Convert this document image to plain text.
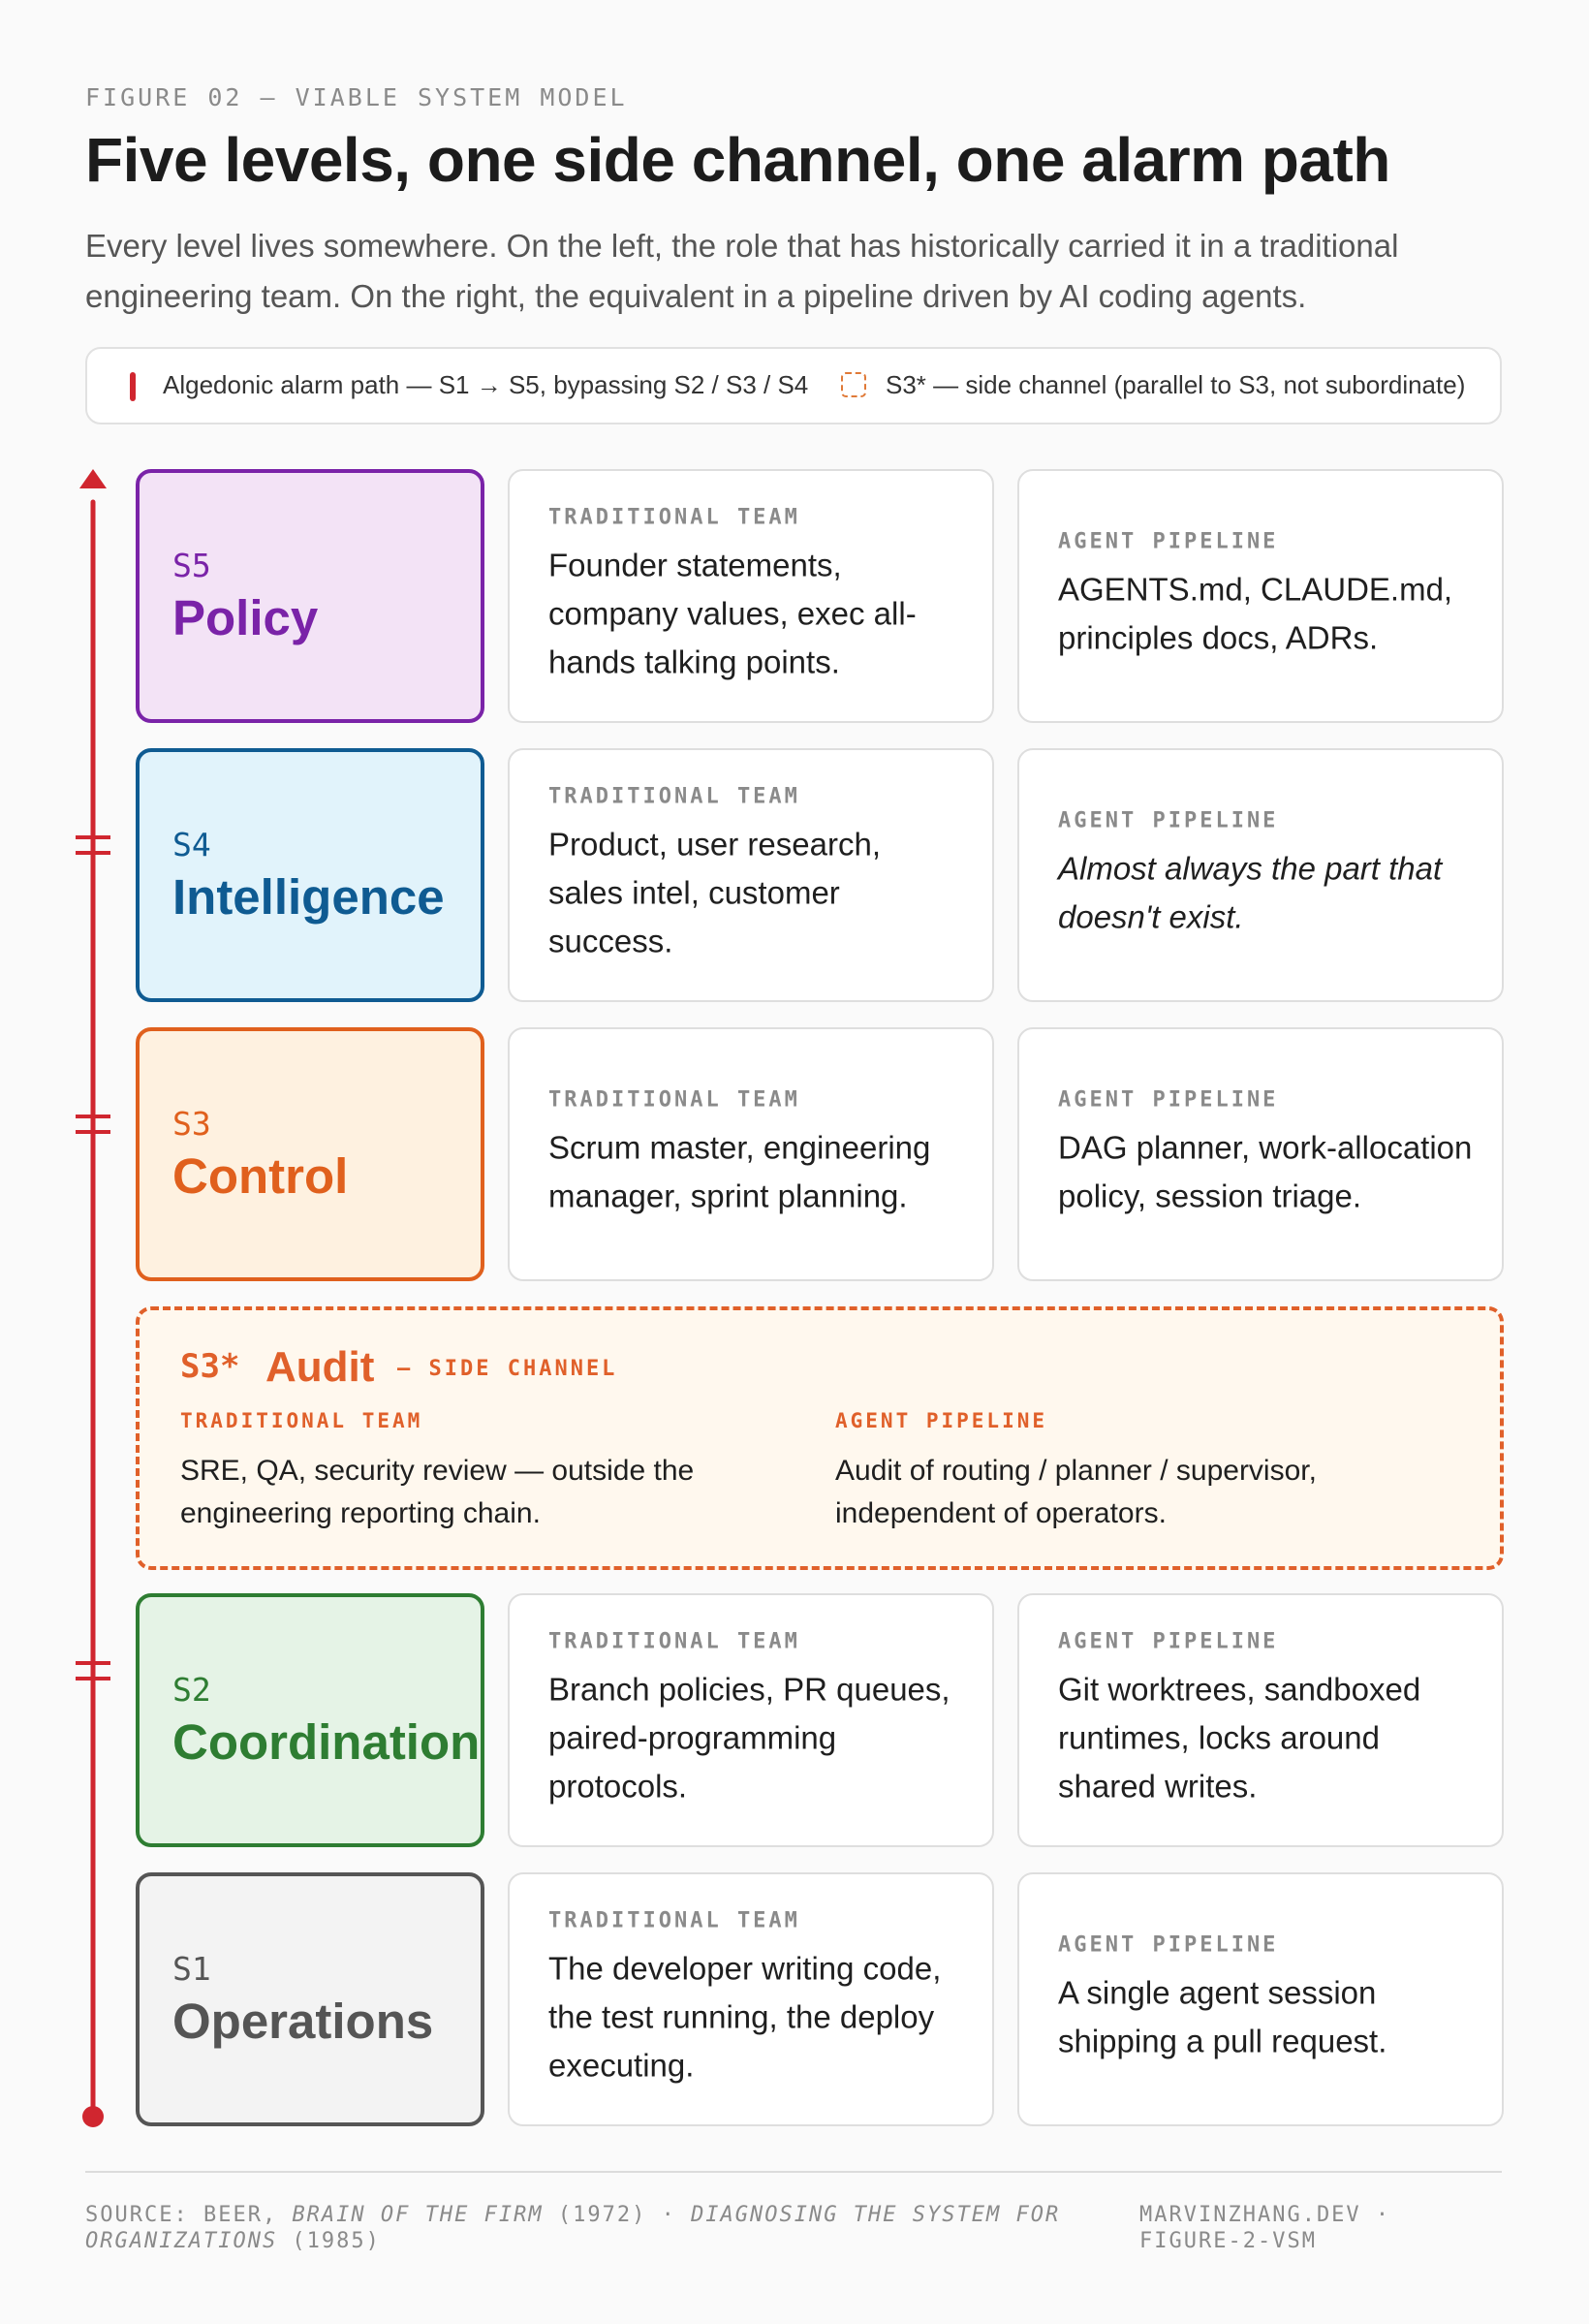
FIGURE 02 — VIABLE SYSTEM MODEL
Five levels, one side channel, one alarm path
Every level lives somewhere. On the left, the role that has historically carried it in a traditional engineering team. On the right, the equivalent in a pipeline driven by AI coding agents.
Algedonic alarm path — S1 → S5, bypassing S2 / S3 / S4	S3* — side channel (parallel to S3, not subordinate)
S5
Policy
TRADITIONAL TEAM
Founder statements, company values, exec all-hands talking points.
AGENT PIPELINE
AGENTS.md, CLAUDE.md, principles docs, ADRs.
S4
Intelligence
TRADITIONAL TEAM
Product, user research, sales intel, customer success.
AGENT PIPELINE
Almost always the part that doesn't exist.
S3
Control
TRADITIONAL TEAM
Scrum master, engineering manager, sprint planning.
AGENT PIPELINE
DAG planner, work-allocation policy, session triage.
S3* Audit — SIDE CHANNEL
TRADITIONAL TEAM
SRE, QA, security review — outside the engineering reporting chain.
AGENT PIPELINE
Audit of routing / planner / supervisor, independent of operators.
S2
Coordination
TRADITIONAL TEAM
Branch policies, PR queues, paired-programming protocols.
AGENT PIPELINE
Git worktrees, sandboxed runtimes, locks around shared writes.
S1
Operations
TRADITIONAL TEAM
The developer writing code, the test running, the deploy executing.
AGENT PIPELINE
A single agent session shipping a pull request.
SOURCE: BEER, BRAIN OF THE FIRM (1972) · DIAGNOSING THE SYSTEM FOR ORGANIZATIONS (1985)
MARVINZHANG.DEV · FIGURE-2-VSM
